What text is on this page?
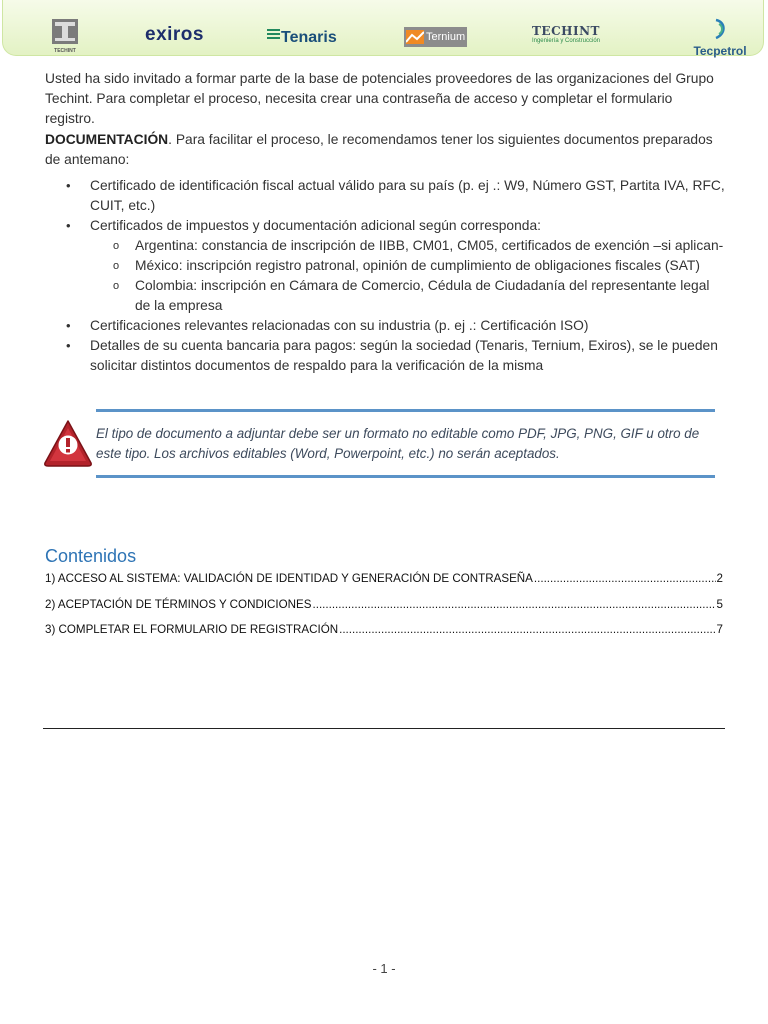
TECHINT
exiros	Tenaris	Ternium	TECHINT
Ingeniería y Construcción
Tecpetrol

Usted ha sido invitado a formar parte de la base de potenciales proveedores de las organizaciones del Grupo Techint. Para completar el proceso, necesita crear una contraseña de acceso y completar el formulario registro.

DOCUMENTACIÓN. Para facilitar el proceso, le recomendamos tener los siguientes documentos preparados de antemano:

• Certificado de identificación fiscal actual válido para su país (p. ej .: W9, Número GST, Partita IVA, RFC, CUIT, etc.)
• Certificados de impuestos y documentación adicional según corresponda:
o Argentina: constancia de inscripción de IIBB, CM01, CM05, certificados de exención –si aplican-
o México: inscripción registro patronal, opinión de cumplimiento de obligaciones fiscales (SAT)
o Colombia: inscripción en Cámara de Comercio, Cédula de Ciudadanía del representante legal de la empresa
• Certificaciones relevantes relacionadas con su industria (p. ej .: Certificación ISO)
• Detalles de su cuenta bancaria para pagos: según la sociedad (Tenaris, Ternium, Exiros), se le pueden solicitar distintos documentos de respaldo para la verificación de la misma
El tipo de documento a adjuntar debe ser un formato no editable como PDF, JPG, PNG, GIF u otro de este tipo. Los archivos editables (Word, Powerpoint, etc.) no serán aceptados.
Contenidos
1) ACCESO AL SISTEMA: VALIDACIÓN DE IDENTIDAD Y GENERACIÓN DE CONTRASEÑA .....	2
2) ACEPTACIÓN DE TÉRMINOS Y CONDICIONES .....	5
3) COMPLETAR EL FORMULARIO DE REGISTRACIÓN .....	7
- 1 -
